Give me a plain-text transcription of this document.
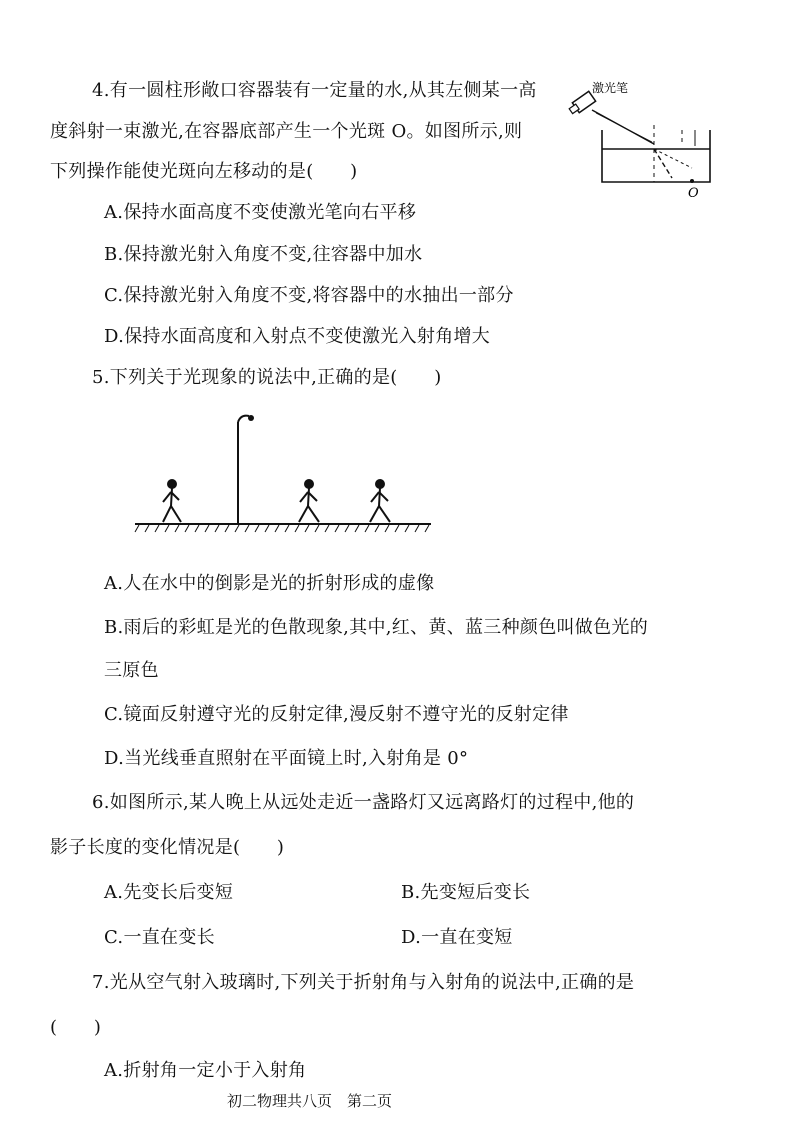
4.有一圆柱形敞口容器装有一定量的水,从其左侧某一高
度斜射一束激光,在容器底部产生一个光斑 O。如图所示,则
下列操作能使光斑向左移动的是(　　)
激光笔
O
A.保持水面高度不变使激光笔向右平移
B.保持激光射入角度不变,往容器中加水
C.保持激光射入角度不变,将容器中的水抽出一部分
D.保持水面高度和入射点不变使激光入射角增大
5.下列关于光现象的说法中,正确的是(　　)
A.人在水中的倒影是光的折射形成的虚像
B.雨后的彩虹是光的色散现象,其中,红、黄、蓝三种颜色叫做色光的
三原色
C.镜面反射遵守光的反射定律,漫反射不遵守光的反射定律
D.当光线垂直照射在平面镜上时,入射角是 0°
6.如图所示,某人晚上从远处走近一盏路灯又远离路灯的过程中,他的
影子长度的变化情况是(　　)
A.先变长后变短	B.先变短后变长
C.一直在变长	D.一直在变短
7.光从空气射入玻璃时,下列关于折射角与入射角的说法中,正确的是
(　　)
A.折射角一定小于入射角
初二物理共八页　第二页
